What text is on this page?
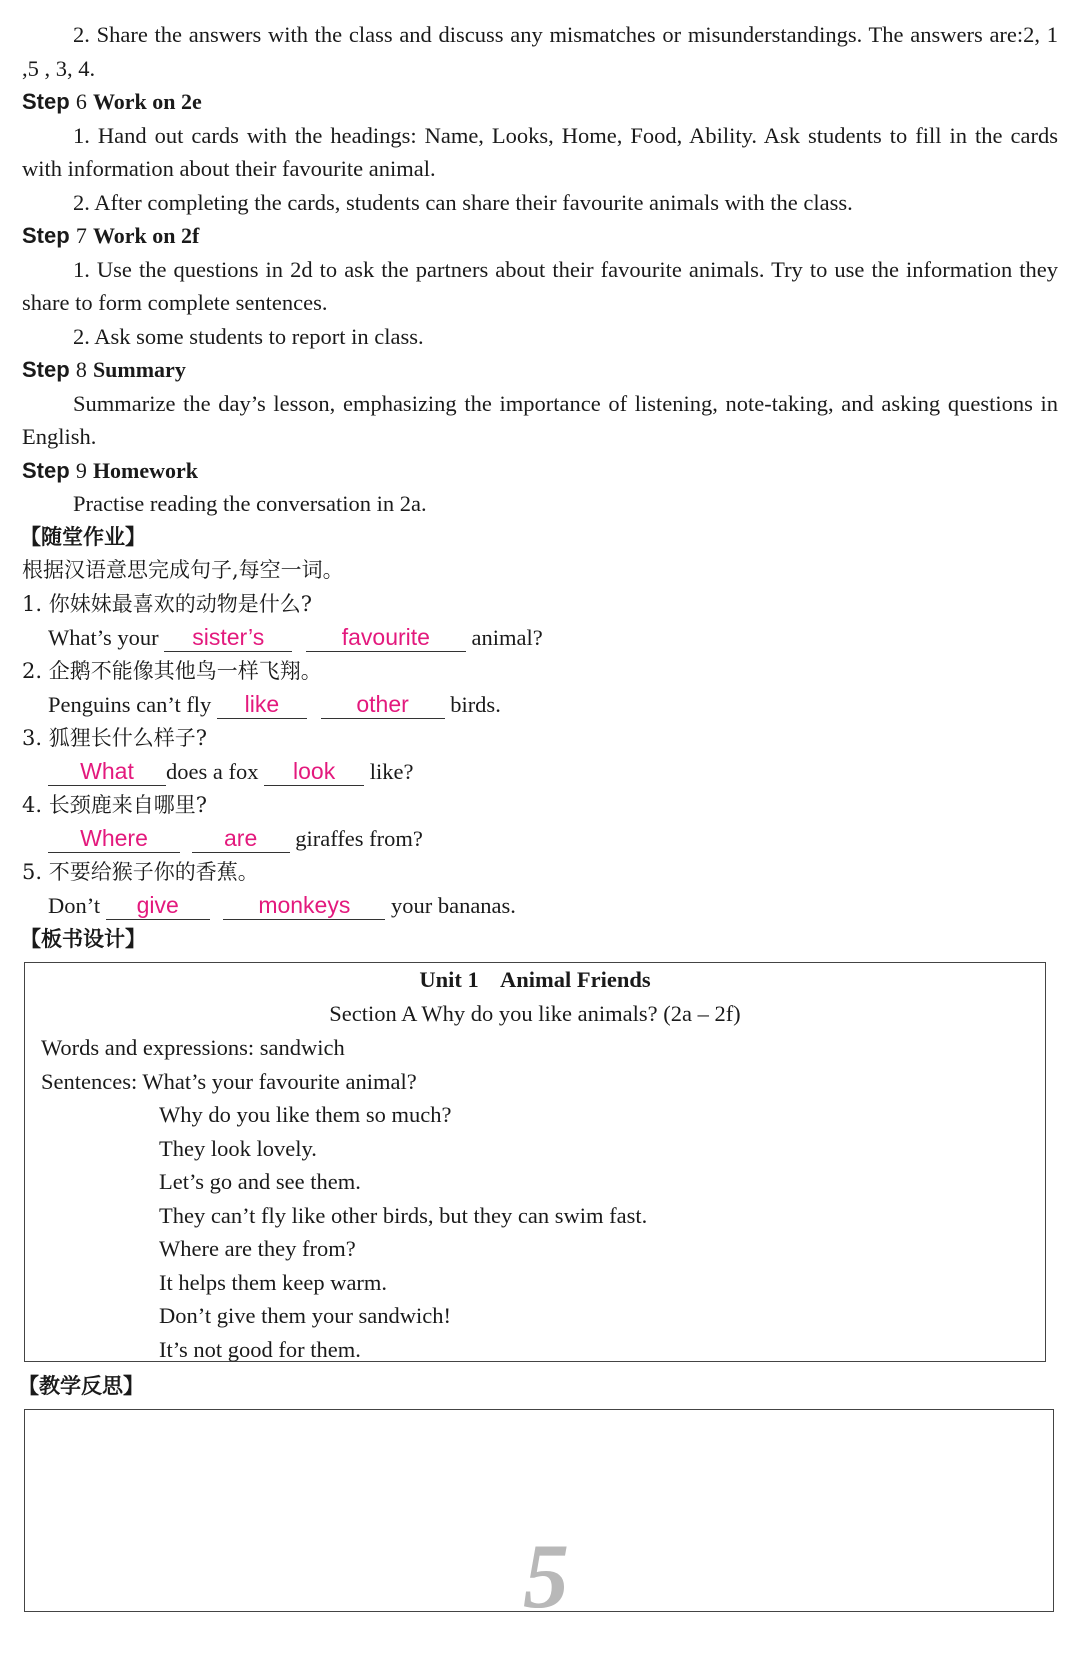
2. Share the answers with the class and discuss any mismatches or misunderstandings. The answers are:2, 1 ,5 , 3, 4.

Step 6 Work on 2e

1. Hand out cards with the headings: Name, Looks, Home, Food, Ability. Ask students to fill in the cards with information about their favourite animal.

2. After completing the cards, students can share their favourite animals with the class.

Step 7 Work on 2f

1. Use the questions in 2d to ask the partners about their favourite animals. Try to use the information they share to form complete sentences.

2. Ask some students to report in class.

Step 8 Summary

Summarize the day’s lesson, emphasizing the importance of listening, note-taking, and asking questions in English.

Step 9 Homework

Practise reading the conversation in 2a.

【随堂作业】
根据汉语意思完成句子,每空一词。
1. 你妹妹最喜欢的动物是什么?
What’s your sister’s	favourite animal?
2. 企鹅不能像其他鸟一样飞翔。
Penguins can’t fly like	other birds.
3. 狐狸长什么样子?
What does a fox look like?
4. 长颈鹿来自哪里?
Where	are giraffes from?
5. 不要给猴子你的香蕉。
Don’t give	monkeys your bananas.
【板书设计】
Unit 1    Animal Friends
Section A Why do you like animals? (2a – 2f)
Words and expressions: sandwich
Sentences: What’s your favourite animal?
Why do you like them so much?
They look lovely.
Let’s go and see them.
They can’t fly like other birds, but they can swim fast.
Where are they from?
It helps them keep warm.
Don’t give them your sandwich!
It’s not good for them.
【教学反思】
5
